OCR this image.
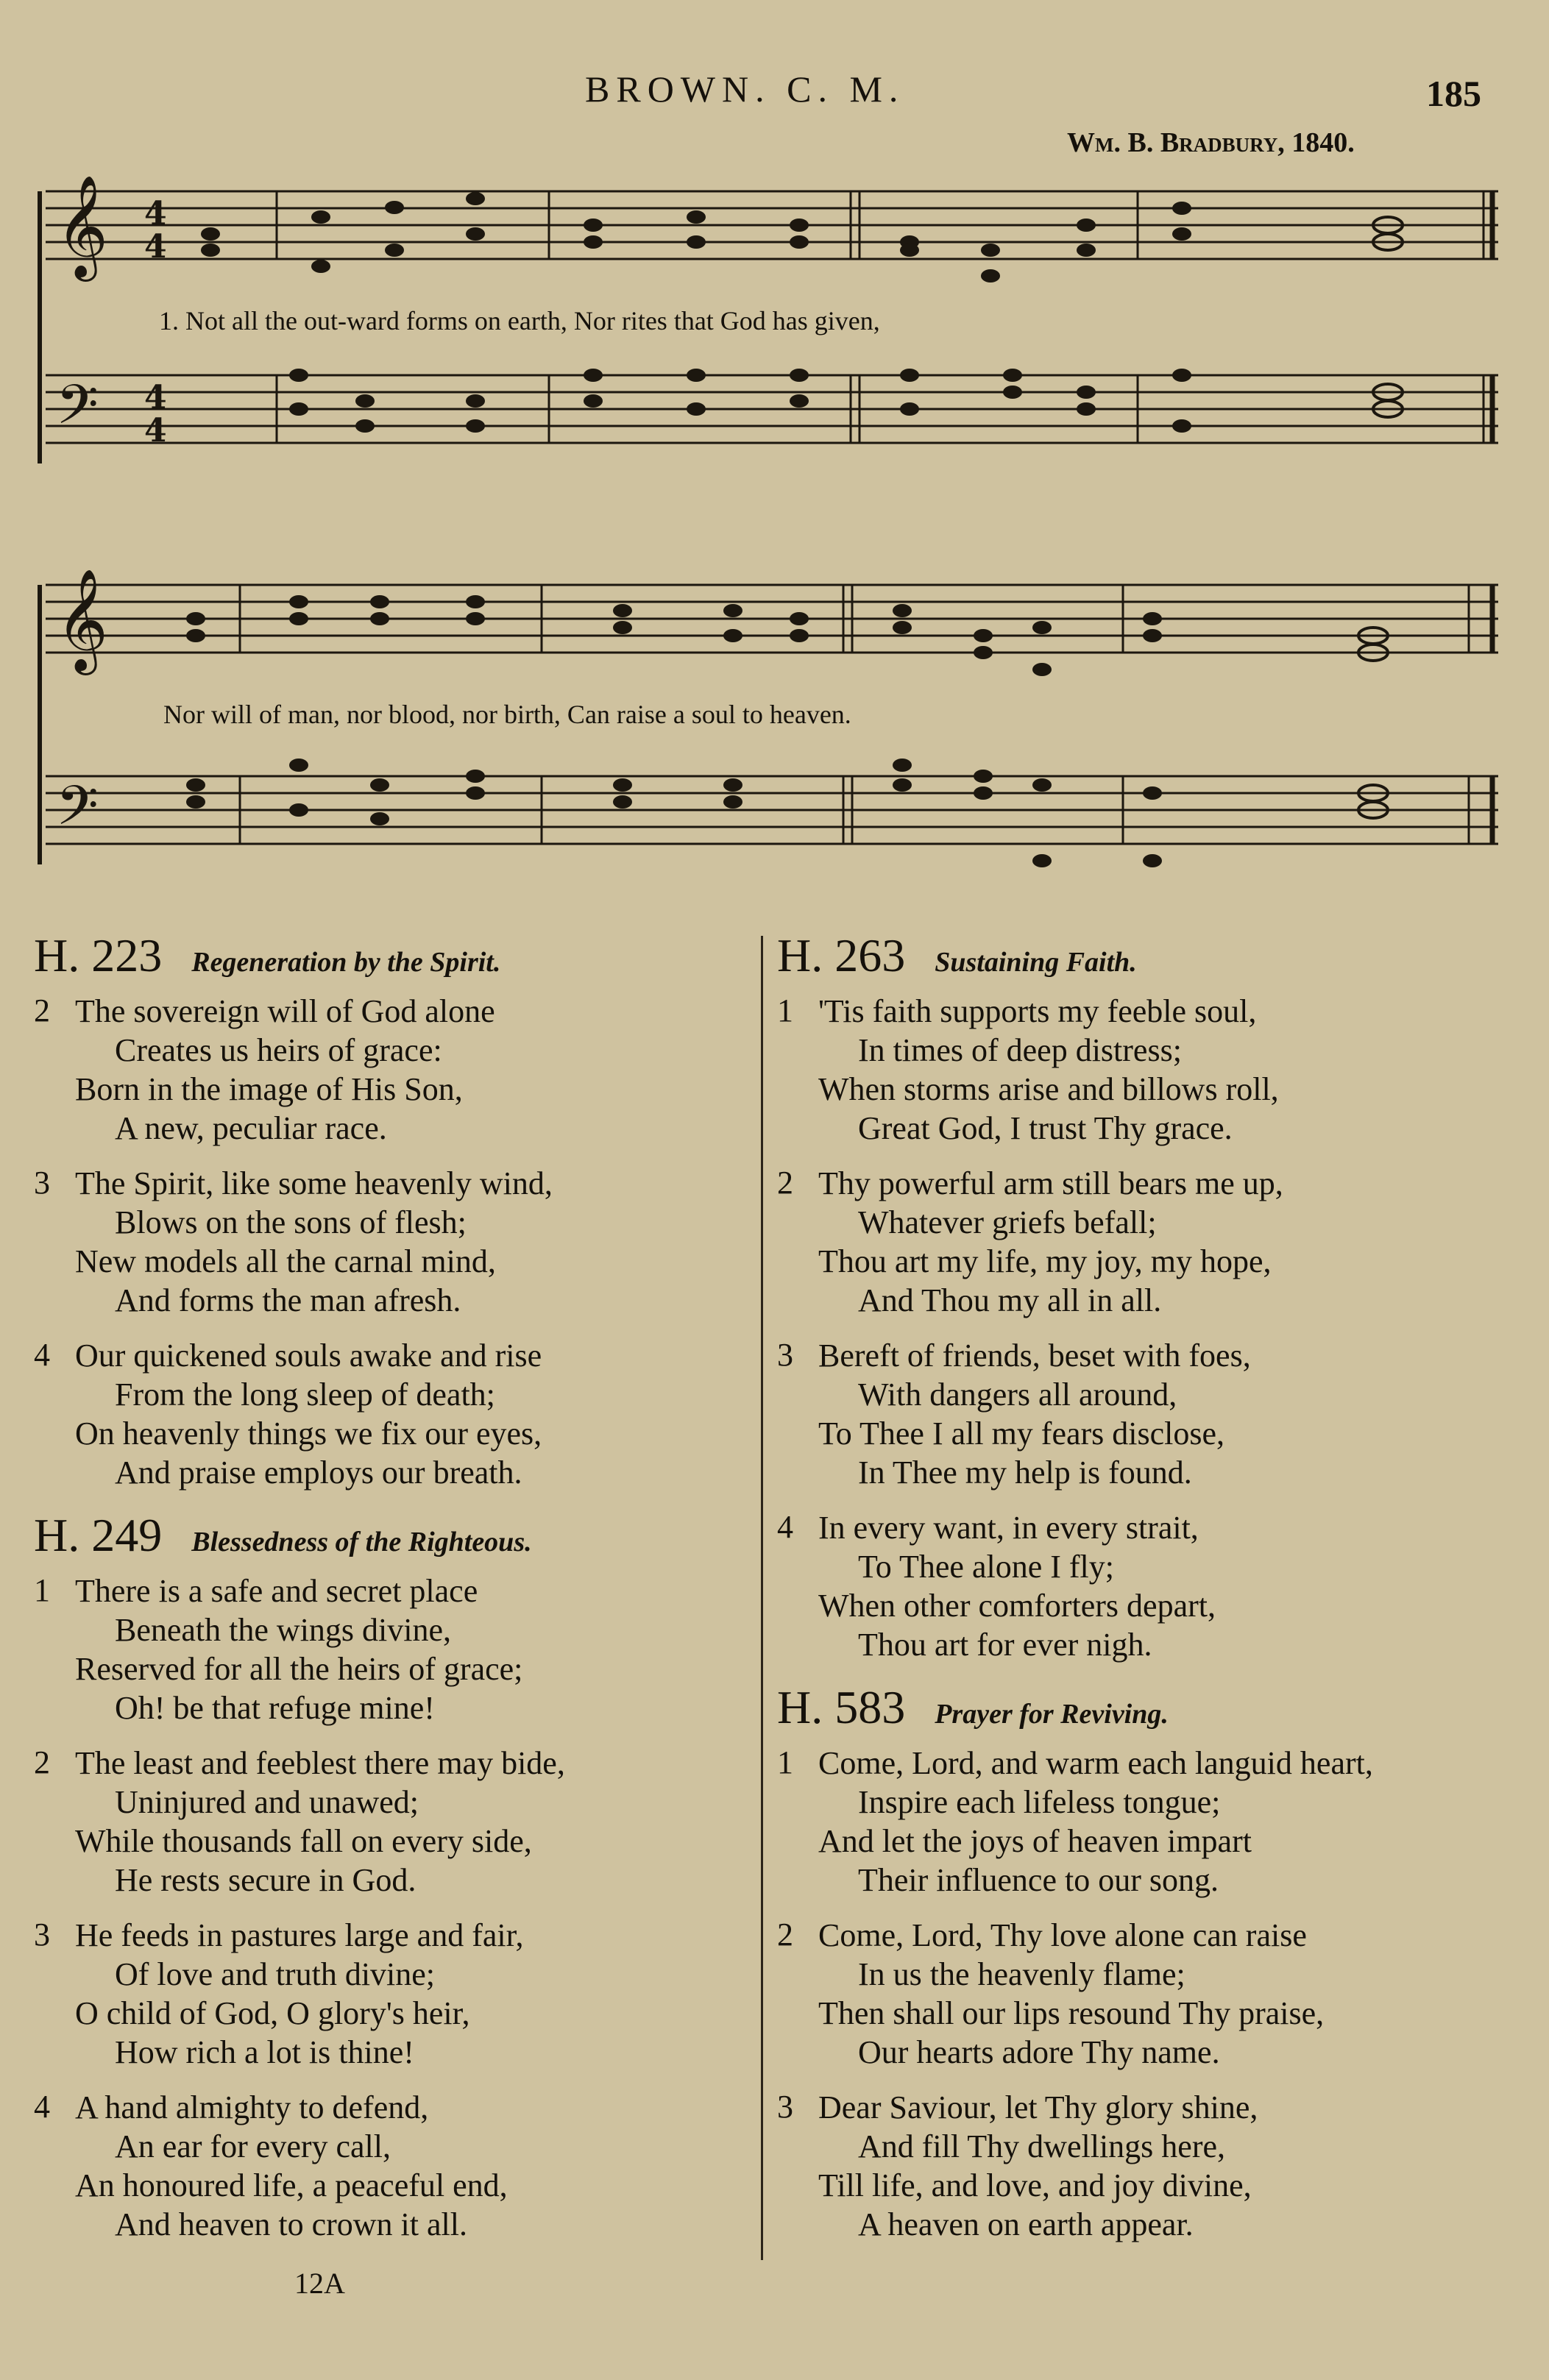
BROWN. C. M.	185
Wm. B. Bradbury, 1840.
𝄞 4
4
𝄢 4
4
1. Not all the out-ward forms on earth, Nor rites that God has given,
𝄞
𝄢
Nor will of man, nor blood, nor birth, Can raise a soul to heaven.
H. 223 Regeneration by the Spirit.
2 The sovereign will of God alone
Creates us heirs of grace:
Born in the image of His Son,
A new, peculiar race.
3 The Spirit, like some heavenly wind,
Blows on the sons of flesh;
New models all the carnal mind,
And forms the man afresh.
4 Our quickened souls awake and rise
From the long sleep of death;
On heavenly things we fix our eyes,
And praise employs our breath.
H. 249 Blessedness of the Righteous.
1 There is a safe and secret place
Beneath the wings divine,
Reserved for all the heirs of grace;
Oh! be that refuge mine!
2 The least and feeblest there may bide,
Uninjured and unawed;
While thousands fall on every side,
He rests secure in God.
3 He feeds in pastures large and fair,
Of love and truth divine;
O child of God, O glory's heir,
How rich a lot is thine!
4 A hand almighty to defend,
An ear for every call,
An honoured life, a peaceful end,
And heaven to crown it all.
H. 263 Sustaining Faith.
1 'Tis faith supports my feeble soul,
In times of deep distress;
When storms arise and billows roll,
Great God, I trust Thy grace.
2 Thy powerful arm still bears me up,
Whatever griefs befall;
Thou art my life, my joy, my hope,
And Thou my all in all.
3 Bereft of friends, beset with foes,
With dangers all around,
To Thee I all my fears disclose,
In Thee my help is found.
4 In every want, in every strait,
To Thee alone I fly;
When other comforters depart,
Thou art for ever nigh.
H. 583 Prayer for Reviving.
1 Come, Lord, and warm each languid heart,
Inspire each lifeless tongue;
And let the joys of heaven impart
Their influence to our song.
2 Come, Lord, Thy love alone can raise
In us the heavenly flame;
Then shall our lips resound Thy praise,
Our hearts adore Thy name.
3 Dear Saviour, let Thy glory shine,
And fill Thy dwellings here,
Till life, and love, and joy divine,
A heaven on earth appear.
12A
